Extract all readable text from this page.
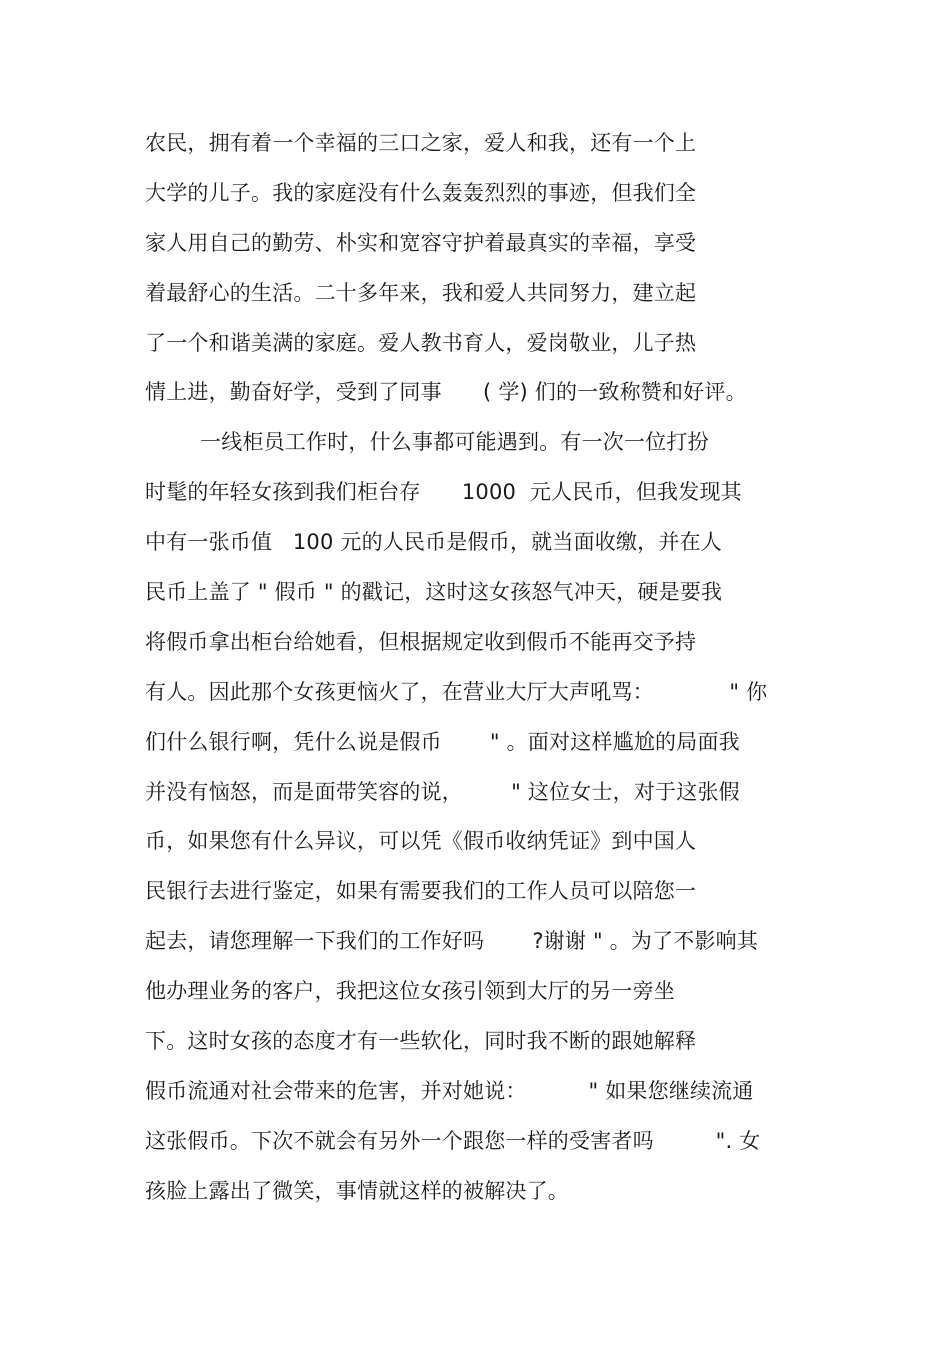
农民，拥有着一个幸福的三口之家，爱人和我，还有一个上
大学的儿子。我的家庭没有什么轰轰烈烈的事迹，但我们全
家人用自己的勤劳、朴实和宽容守护着最真实的幸福，享受
着最舒心的生活。二十多年来，我和爱人共同努力，建立起
了一个和谐美满的家庭。爱人教书育人，爱岗敬业，儿子热
情上进，勤奋好学，受到了同事      ( 学) 们的一致称赞和好评。
一线柜员工作时，什么事都可能遇到。有一次一位打扮
时髦的年轻女孩到我们柜台存      1000  元人民币，但我发现其
中有一张币值   100 元的人民币是假币，就当面收缴，并在人
民币上盖了 " 假币 " 的戳记，这时这女孩怒气冲天，硬是要我
将假币拿出柜台给她看，但根据规定收到假币不能再交予持
有人。因此那个女孩更恼火了，在营业大厅大声吼骂：           " 你
们什么银行啊，凭什么说是假币       " 。面对这样尴尬的局面我
并没有恼怒，而是面带笑容的说，       " 这位女士，对于这张假
币，如果您有什么异议，可以凭《假币收纳凭证》到中国人
民银行去进行鉴定，如果有需要我们的工作人员可以陪您一
起去，请您理解一下我们的工作好吗       ?谢谢 " 。为了不影响其
他办理业务的客户，我把这位女孩引领到大厅的另一旁坐
下。这时女孩的态度才有一些软化，同时我不断的跟她解释
假币流通对社会带来的危害，并对她说：         " 如果您继续流通
这张假币。下次不就会有另外一个跟您一样的受害者吗         ". 女
孩脸上露出了微笑，事情就这样的被解决了。
